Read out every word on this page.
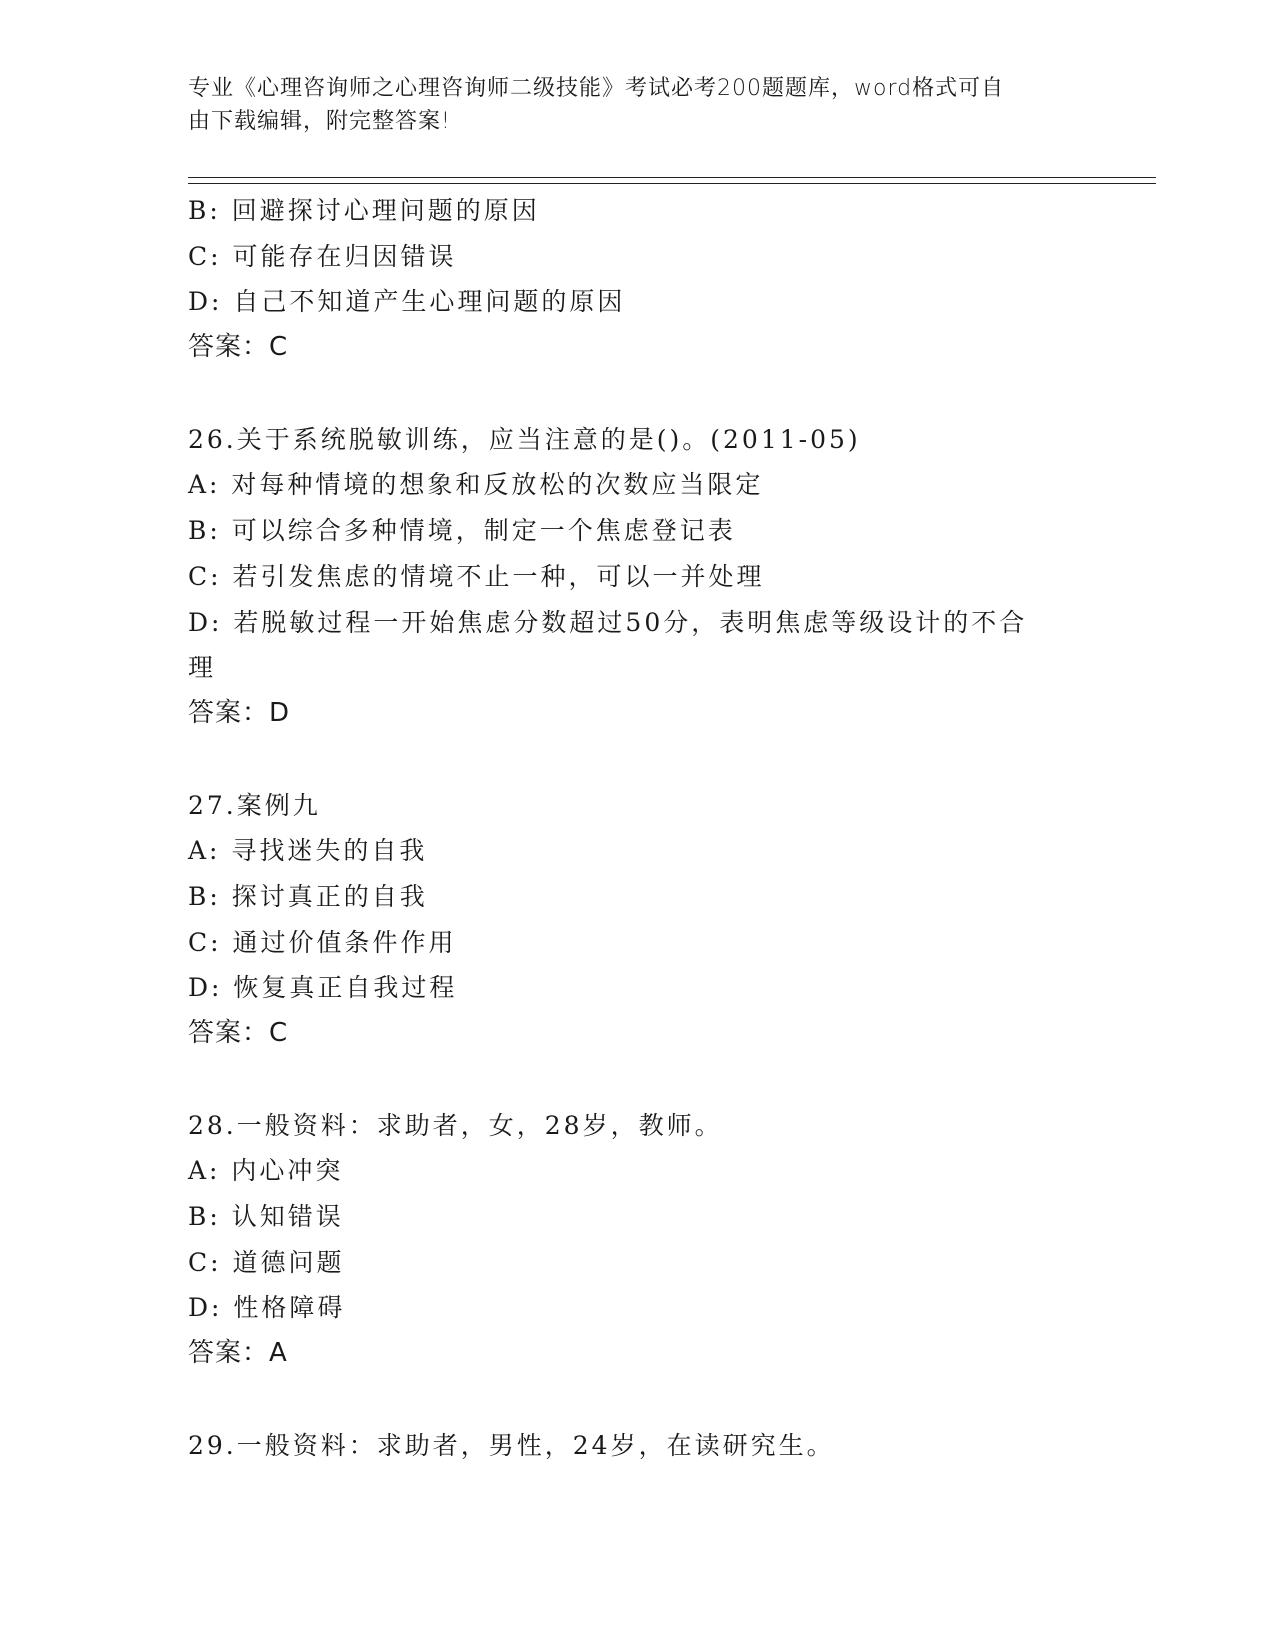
专业《心理咨询师之心理咨询师二级技能》考试必考200题题库，word格式可自
由下载编辑，附完整答案!
B: 回避探讨心理问题的原因
C: 可能存在归因错误
D: 自己不知道产生心理问题的原因
答案：C
26.关于系统脱敏训练，应当注意的是()。(2011-05)
A: 对每种情境的想象和反放松的次数应当限定
B: 可以综合多种情境，制定一个焦虑登记表
C: 若引发焦虑的情境不止一种，可以一并处理
D: 若脱敏过程一开始焦虑分数超过50分，表明焦虑等级设计的不合
理
答案：D
27.案例九
A: 寻找迷失的自我
B: 探讨真正的自我
C: 通过价值条件作用
D: 恢复真正自我过程
答案：C
28.一般资料：求助者，女，28岁，教师。
A: 内心冲突
B: 认知错误
C: 道德问题
D: 性格障碍
答案：A
29.一般资料：求助者，男性，24岁，在读研究生。
